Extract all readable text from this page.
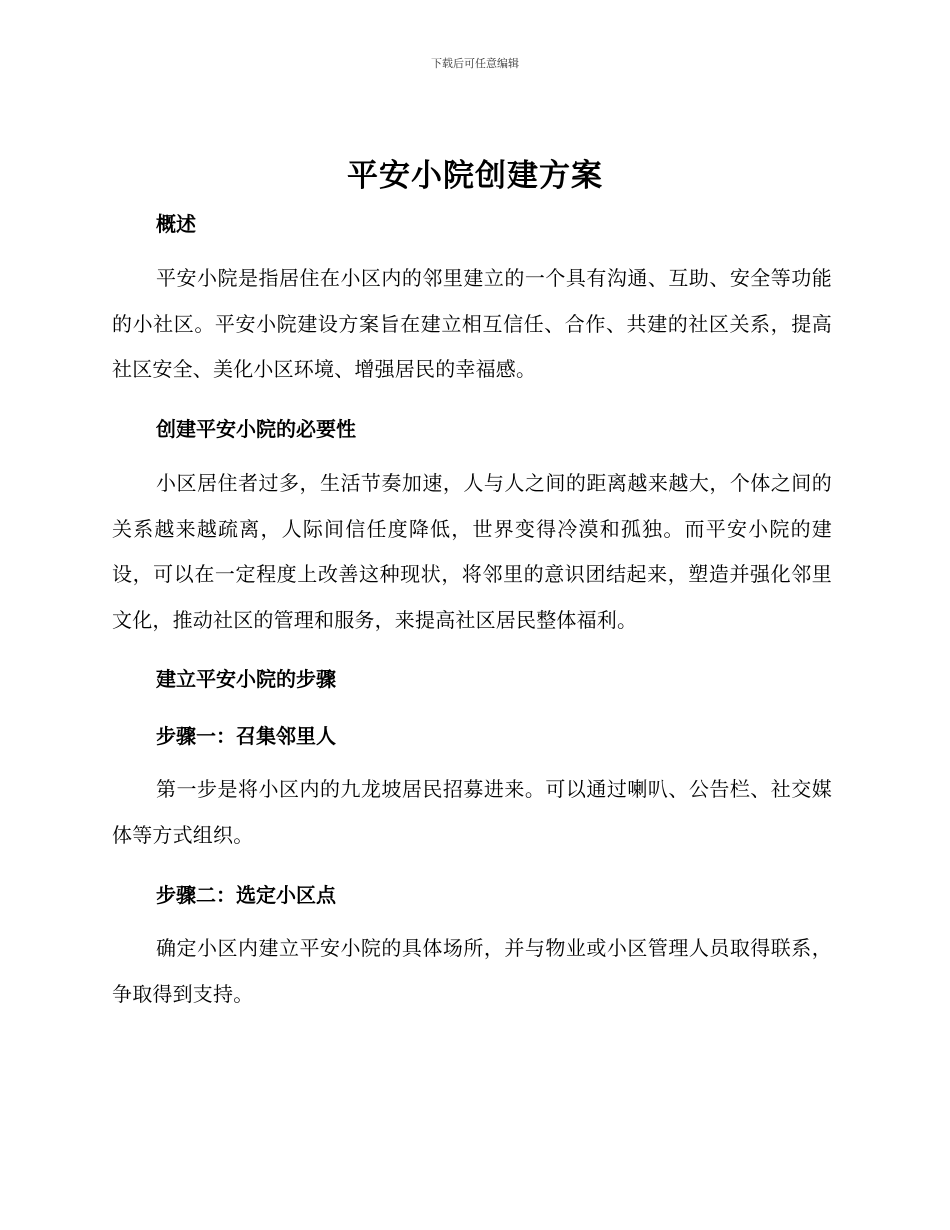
下载后可任意编辑
平安小院创建方案
概述
平安小院是指居住在小区内的邻里建立的一个具有沟通、互助、安全等功能的小社区。平安小院建设方案旨在建立相互信任、合作、共建的社区关系，提高社区安全、美化小区环境、增强居民的幸福感。
创建平安小院的必要性
小区居住者过多，生活节奏加速，人与人之间的距离越来越大，个体之间的关系越来越疏离，人际间信任度降低，世界变得冷漠和孤独。而平安小院的建设，可以在一定程度上改善这种现状，将邻里的意识团结起来，塑造并强化邻里文化，推动社区的管理和服务，来提高社区居民整体福利。
建立平安小院的步骤
步骤一：召集邻里人
第一步是将小区内的九龙坡居民招募进来。可以通过喇叭、公告栏、社交媒体等方式组织。
步骤二：选定小区点
确定小区内建立平安小院的具体场所，并与物业或小区管理人员取得联系，争取得到支持。
